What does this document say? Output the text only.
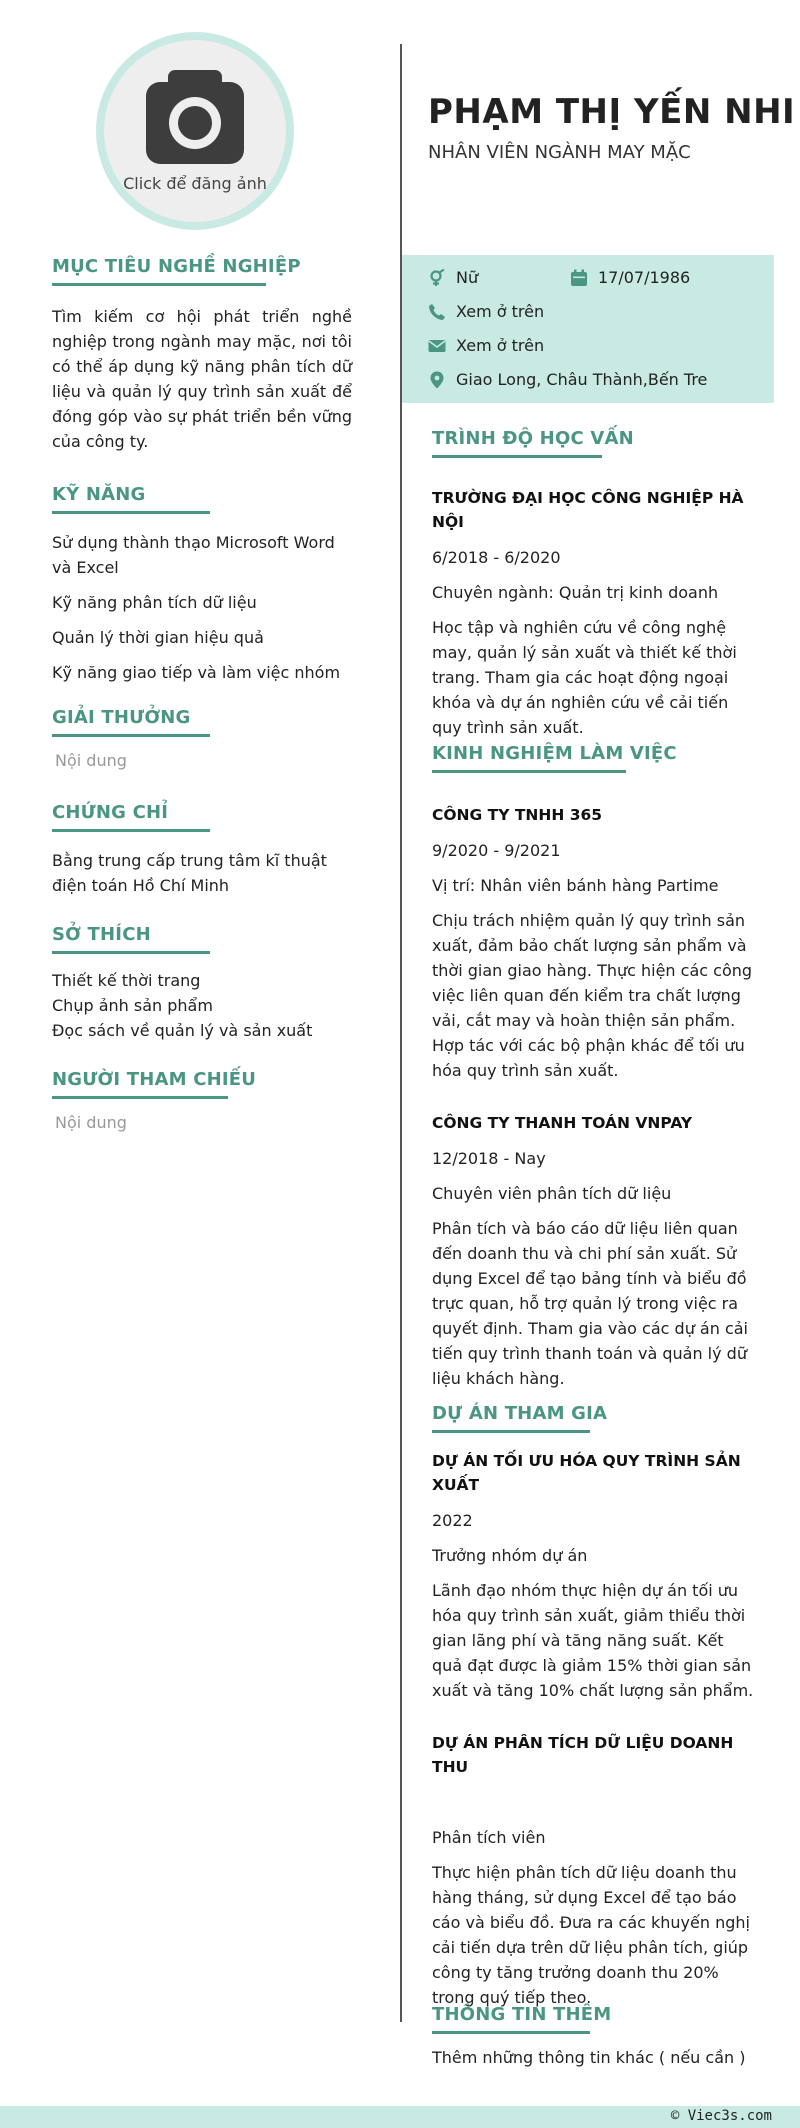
Click để đăng ảnh
MỤC TIÊU NGHỀ NGHIỆP
Tìm kiếm cơ hội phát triển nghề nghiệp trong ngành may mặc, nơi tôi có thể áp dụng kỹ năng phân tích dữ liệu và quản lý quy trình sản xuất để đóng góp vào sự phát triển bền vững của công ty.
KỸ NĂNG
Sử dụng thành thạo Microsoft Word và Excel
Kỹ năng phân tích dữ liệu
Quản lý thời gian hiệu quả
Kỹ năng giao tiếp và làm việc nhóm
GIẢI THƯỞNG
Nội dung
CHỨNG CHỈ
Bằng trung cấp trung tâm kĩ thuật điện toán Hồ Chí Minh
SỞ THÍCH
Thiết kế thời trang
Chụp ảnh sản phẩm
Đọc sách về quản lý và sản xuất
NGƯỜI THAM CHIẾU
Nội dung
PHẠM THỊ YẾN NHI
NHÂN VIÊN NGÀNH MAY MẶC
Nữ	17/07/1986
Xem ở trên
Xem ở trên
Giao Long, Châu Thành,Bến Tre
TRÌNH ĐỘ HỌC VẤN
TRƯỜNG ĐẠI HỌC CÔNG NGHIỆP HÀ NỘI
6/2018 - 6/2020
Chuyên ngành: Quản trị kinh doanh
Học tập và nghiên cứu về công nghệ may, quản lý sản xuất và thiết kế thời trang. Tham gia các hoạt động ngoại khóa và dự án nghiên cứu về cải tiến quy trình sản xuất.
KINH NGHIỆM LÀM VIỆC
CÔNG TY TNHH 365
9/2020 - 9/2021
Vị trí: Nhân viên bánh hàng Partime
Chịu trách nhiệm quản lý quy trình sản xuất, đảm bảo chất lượng sản phẩm và thời gian giao hàng. Thực hiện các công việc liên quan đến kiểm tra chất lượng vải, cắt may và hoàn thiện sản phẩm. Hợp tác với các bộ phận khác để tối ưu hóa quy trình sản xuất.
CÔNG TY THANH TOÁN VNPAY
12/2018 - Nay
Chuyên viên phân tích dữ liệu
Phân tích và báo cáo dữ liệu liên quan đến doanh thu và chi phí sản xuất. Sử dụng Excel để tạo bảng tính và biểu đồ trực quan, hỗ trợ quản lý trong việc ra quyết định. Tham gia vào các dự án cải tiến quy trình thanh toán và quản lý dữ liệu khách hàng.
DỰ ÁN THAM GIA
DỰ ÁN TỐI ƯU HÓA QUY TRÌNH SẢN XUẤT
2022
Trưởng nhóm dự án
Lãnh đạo nhóm thực hiện dự án tối ưu hóa quy trình sản xuất, giảm thiểu thời gian lãng phí và tăng năng suất. Kết quả đạt được là giảm 15% thời gian sản xuất và tăng 10% chất lượng sản phẩm.
DỰ ÁN PHÂN TÍCH DỮ LIỆU DOANH THU
Phân tích viên
Thực hiện phân tích dữ liệu doanh thu hàng tháng, sử dụng Excel để tạo báo cáo và biểu đồ. Đưa ra các khuyến nghị cải tiến dựa trên dữ liệu phân tích, giúp công ty tăng trưởng doanh thu 20% trong quý tiếp theo.
THÔNG TIN THÊM
Thêm những thông tin khác ( nếu cần )
© Viec3s.com
